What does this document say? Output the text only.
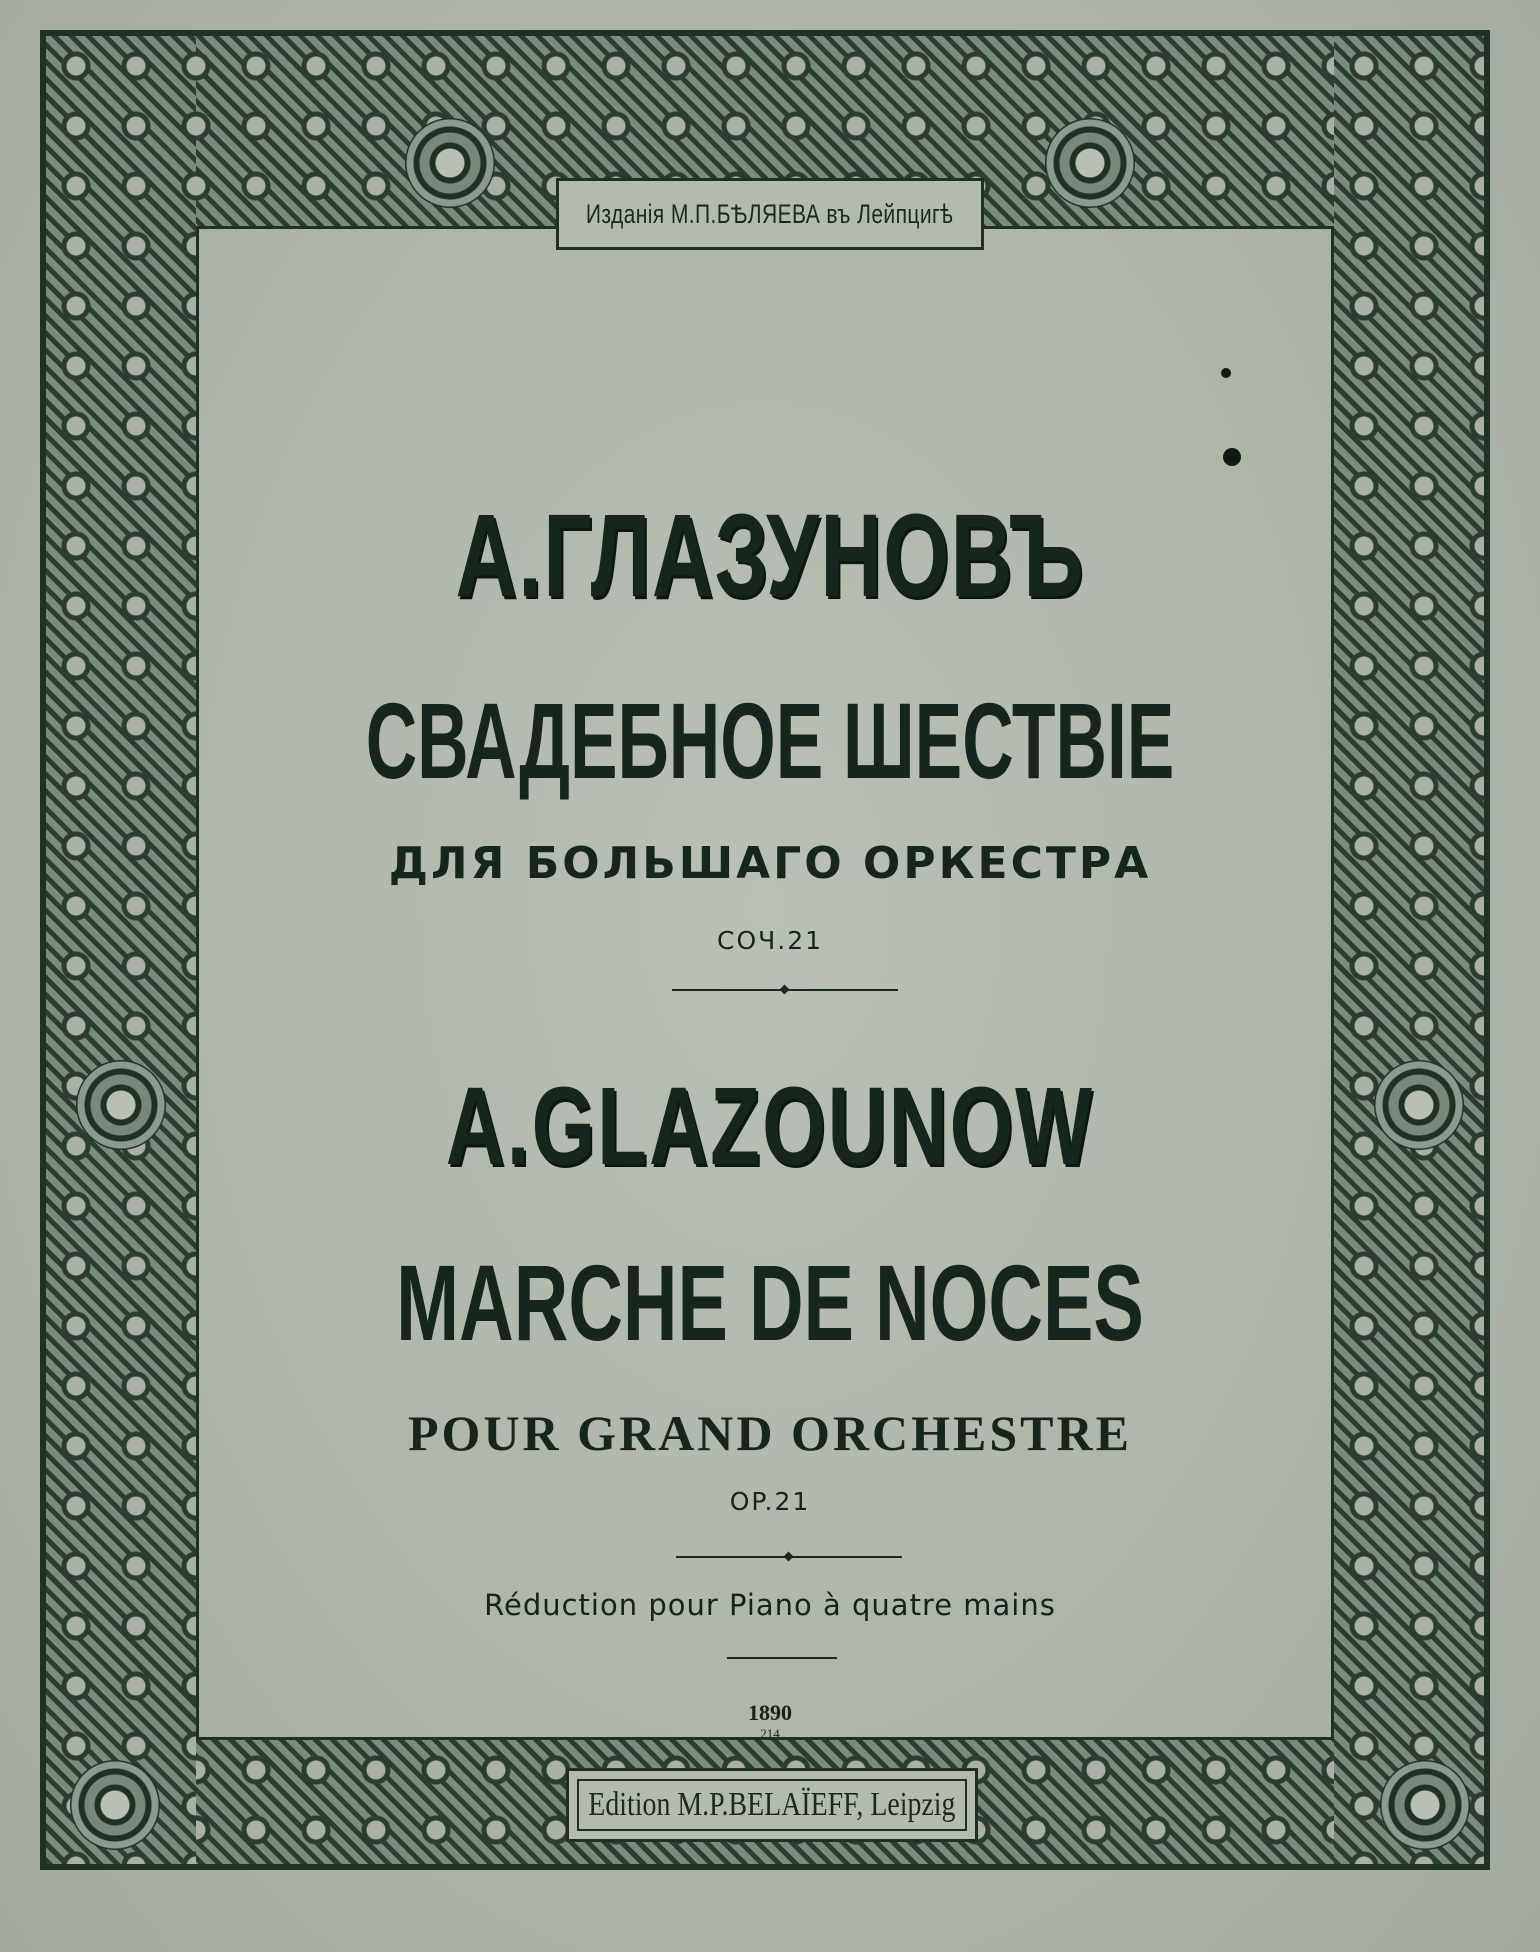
Изданія М.П.БѢЛЯЕВА въ Лейпцигѣ
А.ГЛАЗУНОВЪ
СВАДЕБНОЕ ШЕСТВІЕ
ДЛЯ БОЛЬШАГО ОРКЕСТРА
СОЧ.21
A.GLAZOUNOW
MARCHE DE NOCES
POUR GRAND ORCHESTRE
OP.21
Réduction pour Piano à quatre mains
1890
214
Edition M.P.BELAÏEFF, Leipzig
